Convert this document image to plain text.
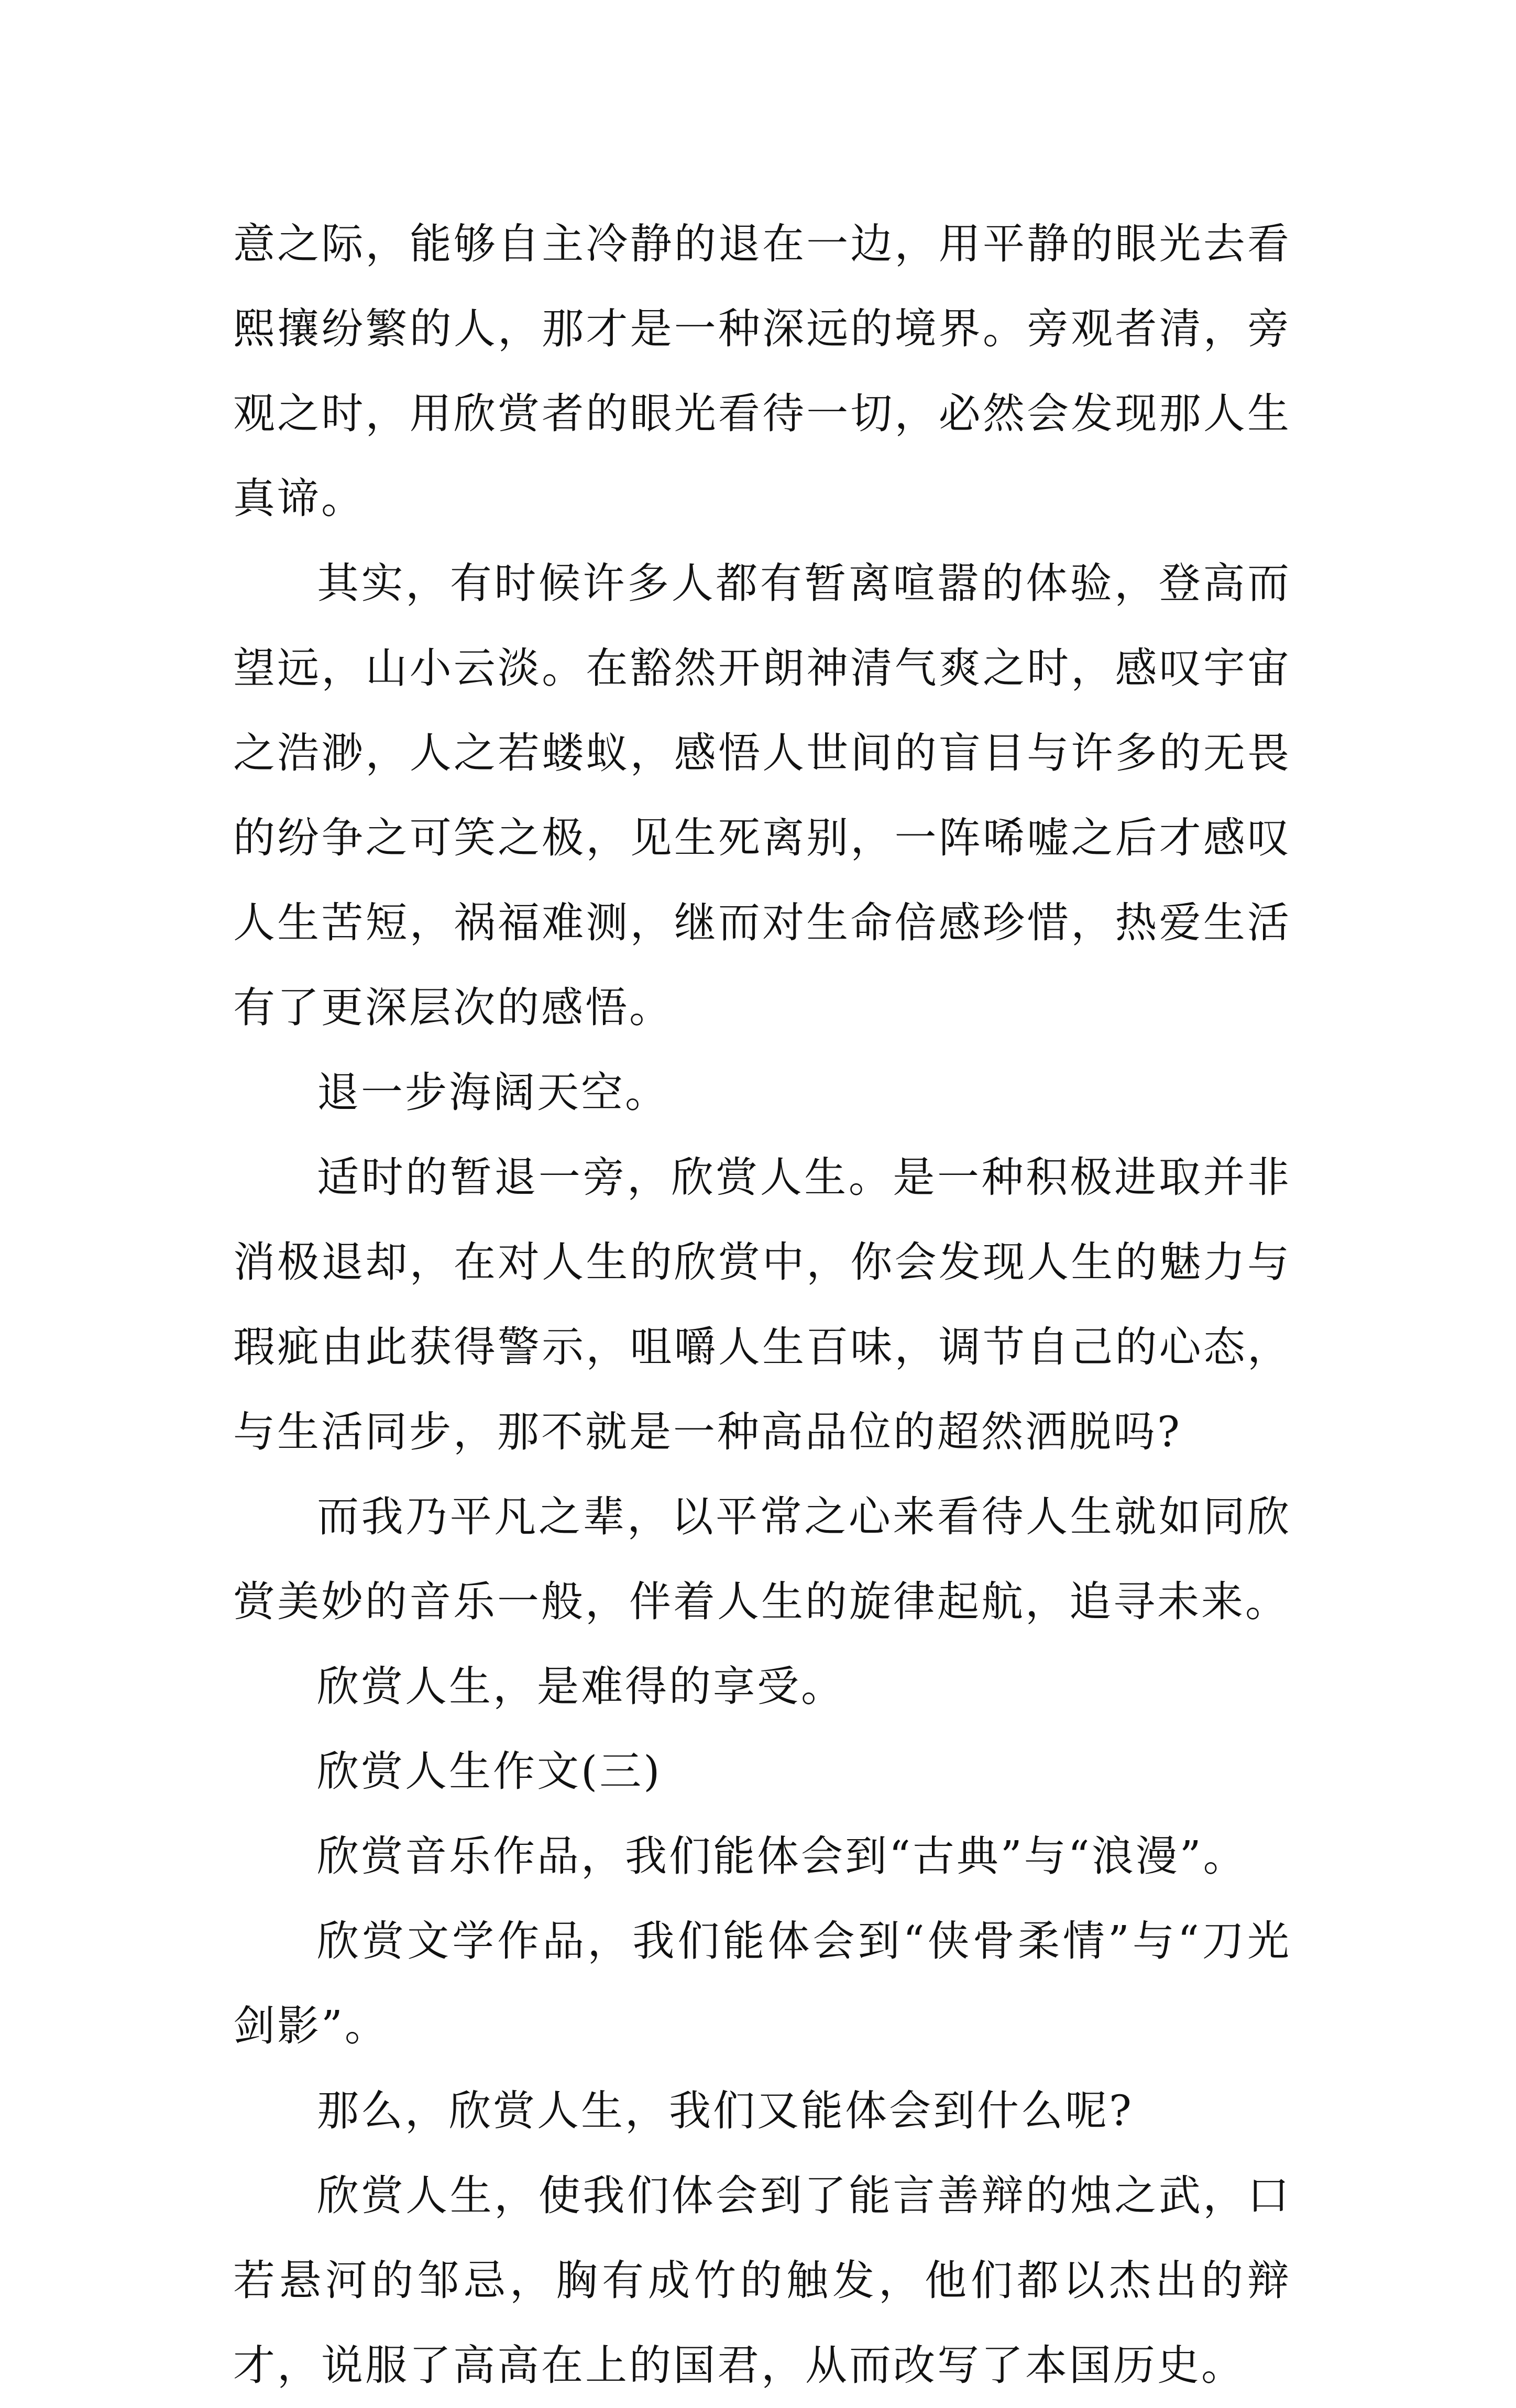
意之际，能够自主冷静的退在一边，用平静的眼光去看熙攘纷繁的人，那才是一种深远的境界。旁观者清，旁观之时，用欣赏者的眼光看待一切，必然会发现那人生真谛。

其实，有时候许多人都有暂离喧嚣的体验，登高而望远，山小云淡。在豁然开朗神清气爽之时，感叹宇宙之浩渺，人之若蝼蚁，感悟人世间的盲目与许多的无畏的纷争之可笑之极，见生死离别，一阵唏嘘之后才感叹人生苦短，祸福难测，继而对生命倍感珍惜，热爱生活有了更深层次的感悟。

退一步海阔天空。

适时的暂退一旁，欣赏人生。是一种积极进取并非消极退却，在对人生的欣赏中，你会发现人生的魅力与瑕疵由此获得警示，咀嚼人生百味，调节自己的心态，与生活同步，那不就是一种高品位的超然洒脱吗?

而我乃平凡之辈，以平常之心来看待人生就如同欣赏美妙的音乐一般，伴着人生的旋律起航，追寻未来。

欣赏人生，是难得的享受。

欣赏人生作文(三)

欣赏音乐作品，我们能体会到“古典”与“浪漫”。

欣赏文学作品，我们能体会到“侠骨柔情”与“刀光剑影”。

那么，欣赏人生，我们又能体会到什么呢?

欣赏人生，使我们体会到了能言善辩的烛之武，口若悬河的邹忌，胸有成竹的触发，他们都以杰出的辩才，说服了高高在上的国君，从而改写了本国历史。
